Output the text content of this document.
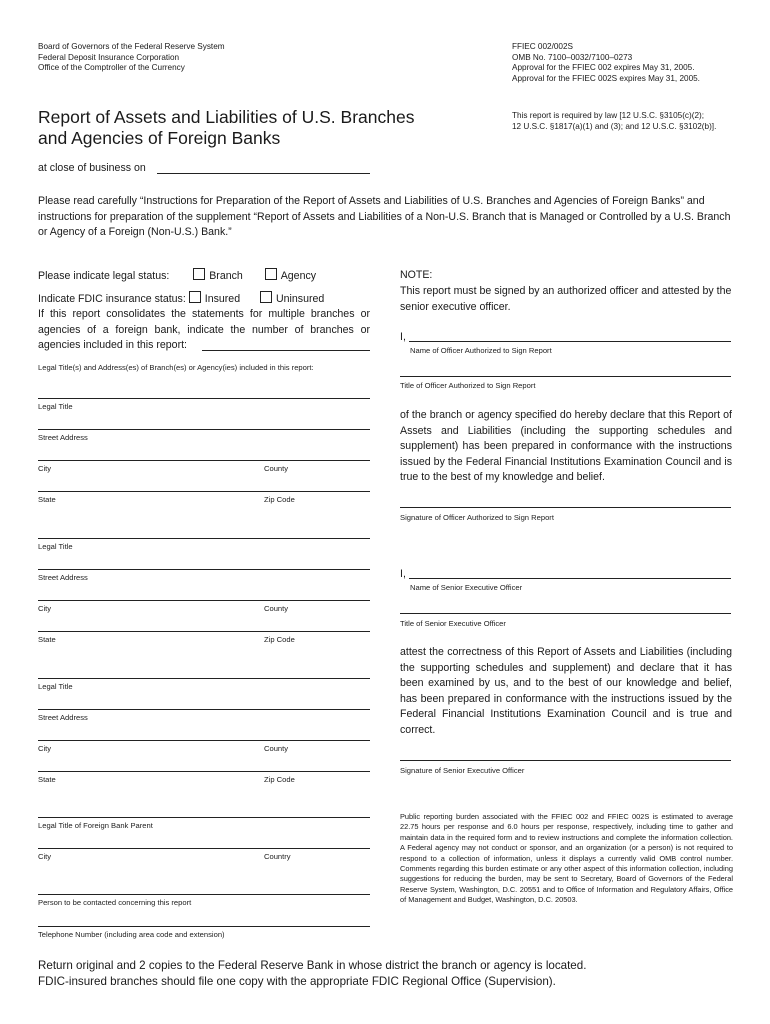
Board of Governors of the Federal Reserve System
Federal Deposit Insurance Corporation
Office of the Comptroller of the Currency
FFIEC 002/002S
OMB No. 7100–0032/7100–0273
Approval for the FFIEC 002 expires May 31, 2005.
Approval for the FFIEC 002S expires May 31, 2005.
Report of Assets and Liabilities of U.S. Branches
and Agencies of Foreign Banks
This report is required by law [12 U.S.C. §3105(c)(2);
12 U.S.C. §1817(a)(1) and (3); and 12 U.S.C. §3102(b)].
at close of business on
Please read carefully “Instructions for Preparation of the Report of Assets and Liabilities of U.S. Branches and Agencies of Foreign Banks” and instructions for preparation of the supplement “Report of Assets and Liabilities of a Non-U.S. Branch that is Managed or Controlled by a U.S. Branch or Agency of a Foreign (Non-U.S.) Bank.”
Please indicate legal status:	Branch	Agency
Indicate FDIC insurance status: Insured	Uninsured
If this report consolidates the statements for multiple branches or agencies of a foreign bank, indicate the number of branches or agencies included in this report:
Legal Title(s) and Address(es) of Branch(es) or Agency(ies) included in this report:
Legal Title
Street Address
City	County
State	Zip Code
Legal Title
Street Address
City	County
State	Zip Code
Legal Title
Street Address
City	County
State	Zip Code
Legal Title of Foreign Bank Parent
City	Country
Person to be contacted concerning this report
Telephone Number (including area code and extension)
NOTE:
This report must be signed by an authorized officer and attested by the senior executive officer.
I,
Name of Officer Authorized to Sign Report
Title of Officer Authorized to Sign Report
of the branch or agency specified do hereby declare that this Report of Assets and Liabilities (including the supporting schedules and supplement) has been prepared in conformance with the instructions issued by the Federal Financial Institutions Examination Council and is true to the best of my knowledge and belief.
Signature of Officer Authorized to Sign Report
I,
Name of Senior Executive Officer
Title of Senior Executive Officer
attest the correctness of this Report of Assets and Liabilities (including the supporting schedules and supplement) and declare that it has been examined by us, and to the best of our knowledge and belief, has been prepared in conformance with the instructions issued by the Federal Financial Institutions Examination Council and is true and correct.
Signature of Senior Executive Officer
Public reporting burden associated with the FFIEC 002 and FFIEC 002S is estimated to average 22.75 hours per response and 6.0 hours per response, respectively, including time to gather and maintain data in the required form and to review instructions and complete the information collection. A Federal agency may not conduct or sponsor, and an organization (or a person) is not required to respond to a collection of information, unless it displays a currently valid OMB control number. Comments regarding this burden estimate or any other aspect of this information collection, including suggestions for reducing the burden, may be sent to Secretary, Board of Governors of the Federal Reserve System, Washington, D.C. 20551 and to Office of Information and Regulatory Affairs, Office of Management and Budget, Washington, D.C. 20503.
Return original and 2 copies to the Federal Reserve Bank in whose district the branch or agency is located.
FDIC-insured branches should file one copy with the appropriate FDIC Regional Office (Supervision).
